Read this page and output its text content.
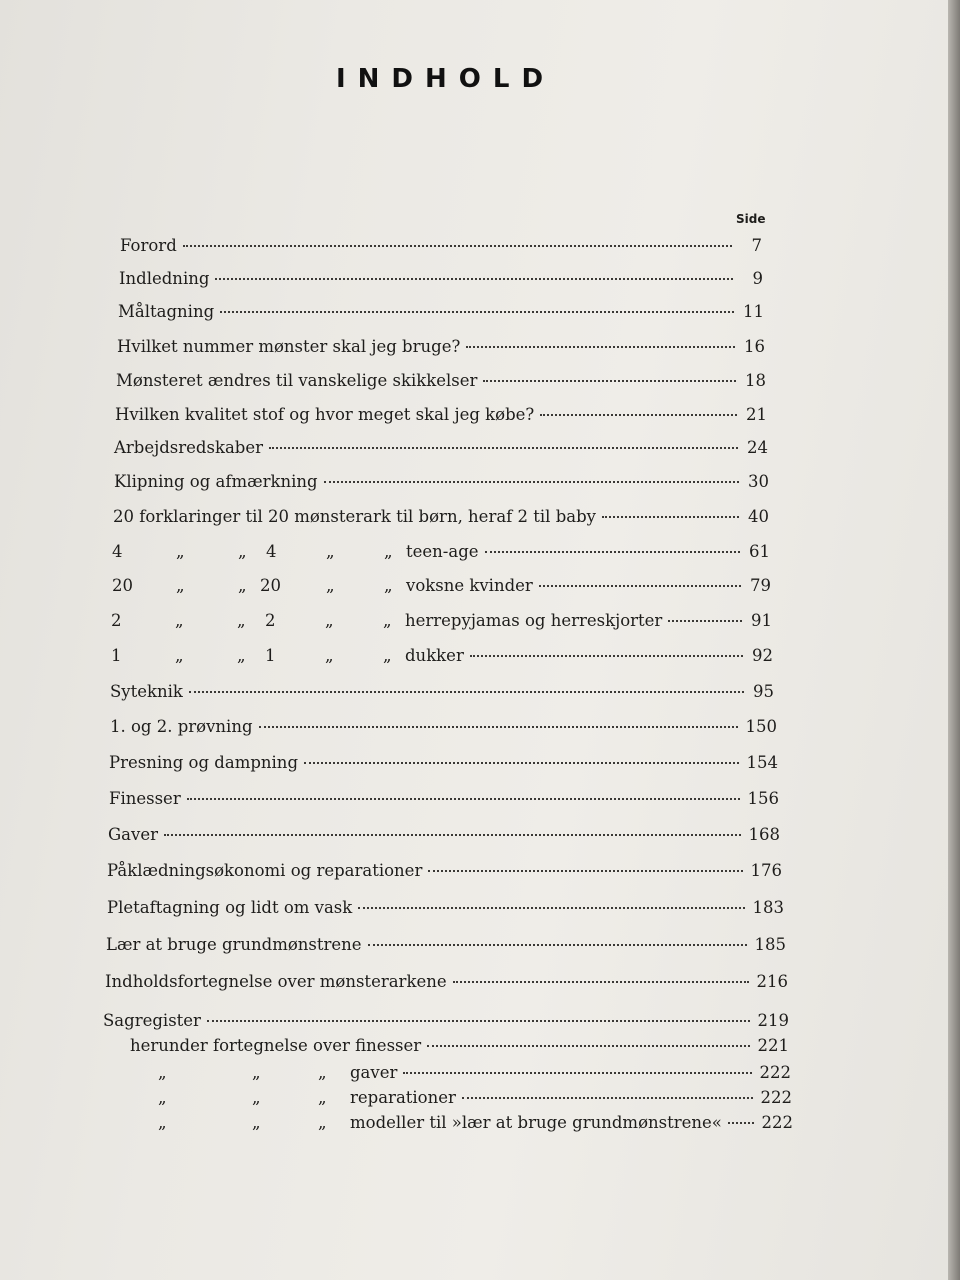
INDHOLD
Side
Forord	7
Indledning	9
Måltagning	11
Hvilket nummer mønster skal jeg bruge?	16
Mønsteret ændres til vanskelige skikkelser	18
Hvilken kvalitet stof og hvor meget skal jeg købe?	21
Arbejdsredskaber	24
Klipning og afmærkning	30
20 forklaringer til 20 mønsterark til børn, heraf 2 til baby	40
4	„	„ 4	„	„ teen-age	61
20	„	„ 20	„	„ voksne kvinder	79
2	„	„ 2	„	„ herrepyjamas og herreskjorter	91
1	„	„ 1	„	„ dukker	92
Syteknik	95
1. og 2. prøvning	150
Presning og dampning	154
Finesser	156
Gaver	168
Påklædningsøkonomi og reparationer	176
Pletaftagning og lidt om vask	183
Lær at bruge grundmønstrene	185
Indholdsfortegnelse over mønsterarkene	216
Sagregister	219
herunder fortegnelse over finesser	221
„	„	„ gaver	222
„	„	„ reparationer	222
„	„	„ modeller til »lær at bruge grundmønstrene« 222
